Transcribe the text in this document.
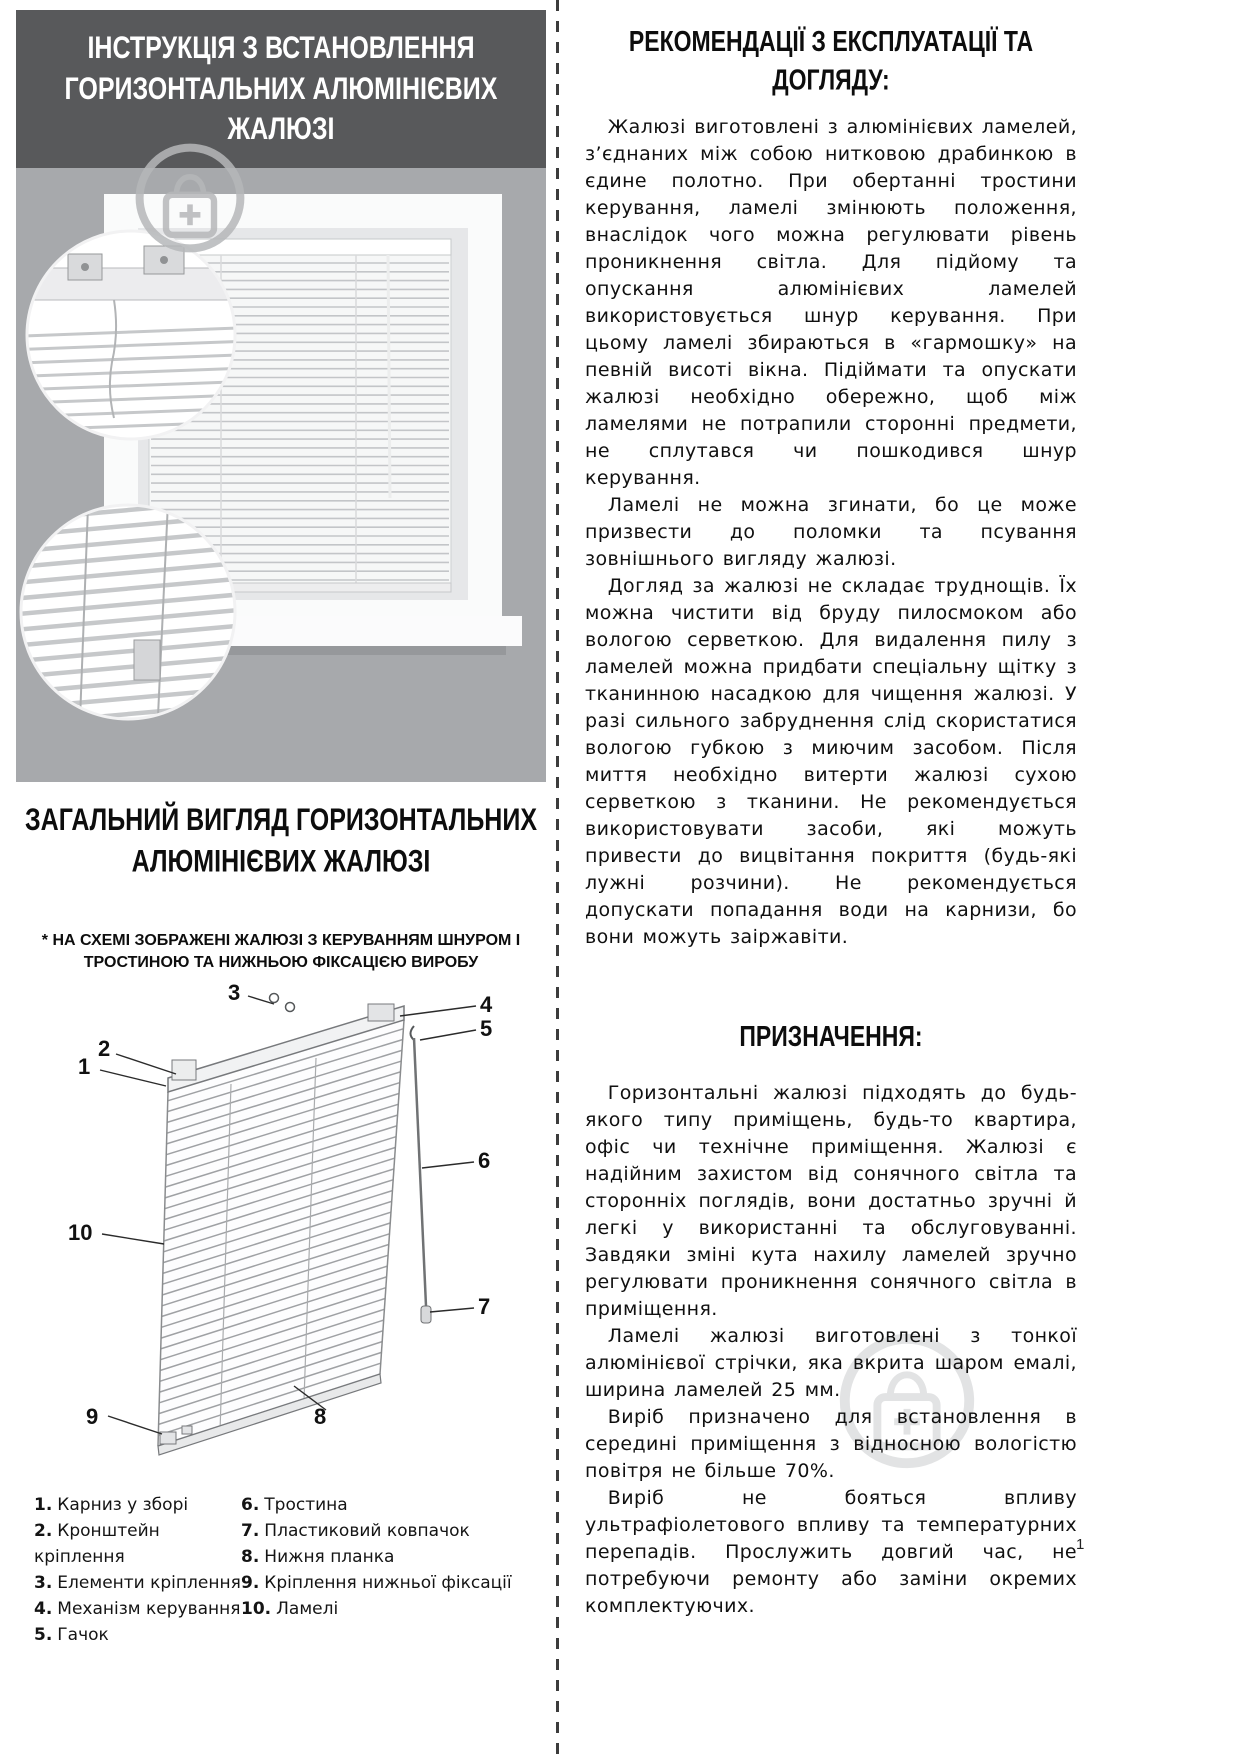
ІНСТРУКЦІЯ З ВСТАНОВЛЕННЯ ГОРИЗОНТАЛЬНИХ АЛЮМІНІЄВИХ ЖАЛЮЗІ
ЗАГАЛЬНИЙ ВИГЛЯД ГОРИЗОНТАЛЬНИХ АЛЮМІНІЄВИХ ЖАЛЮЗІ
* НА СХЕМІ ЗОБРАЖЕНІ ЖАЛЮЗІ З КЕРУВАННЯМ ШНУРОМ І ТРОСТИНОЮ ТА НИЖНЬОЮ ФІКСАЦІЄЮ ВИРОБУ
1
2
3	4
5
6
7
8
9
10
1. Карниз у зборі
2. Кронштейн кріплення
3. Елементи кріплення
4. Механізм керування
5. Гачок
6. Тростина
7. Пластиковий ковпачок
8. Нижня планка
9. Кріплення нижньої фіксації
10. Ламелі
РЕКОМЕНДАЦІЇ З ЕКСПЛУАТАЦІЇ ТА ДОГЛЯДУ:

Жалюзі виготовлені з алюмінієвих ламелей, з’єднаних між собою нитковою драбинкою в єдине полотно. При обертанні тростини керування, ламелі змінюють положення, внаслідок чого можна регулювати рівень проникнення світла. Для підйому та опускання алюмінієвих ламелей використовується шнур керування. При цьому ламелі збираються в «гармошку» на певній висоті вікна. Підіймати та опускати жалюзі необхідно обережно, щоб між ламелями не потрапили сторонні предмети, не сплутався чи пошкодився шнур керування.

Ламелі не можна згинати, бо це може призвести до поломки та псування зовнішнього вигляду жалюзі.

Догляд за жалюзі не складає труднощів. Їх можна чистити від бруду пилосмоком або вологою серветкою. Для видалення пилу з ламелей можна придбати спеціальну щітку з тканинною насадкою для чищення жалюзі. У разі сильного забруднення слід скористатися вологою губкою з миючим засобом. Після миття необхідно витерти жалюзі сухою серветкою з тканини. Не рекомендується використовувати засоби, які можуть привести до вицвітання покриття (будь-які лужні розчини). Не рекомендується допускати попадання води на карнизи, бо вони можуть заіржавіти.

ПРИЗНАЧЕННЯ:

Горизонтальні жалюзі підходять до будь-якого типу приміщень, будь-то квартира, офіс чи технічне приміщення. Жалюзі є надійним захистом від сонячного світла та сторонніх поглядів, вони достатньо зручні й легкі у використанні та обслуговуванні. Завдяки зміні кута нахилу ламелей зручно регулювати проникнення сонячного світла в приміщення.

Ламелі жалюзі виготовлені з тонкої алюмінієвої стрічки, яка вкрита шаром емалі, ширина ламелей 25 мм.

Виріб призначено для встановлення в середині приміщення з відносною вологістю повітря не більше 70%.

Виріб не бояться впливу ультрафіолетового впливу та температурних перепадів. Прослужить довгий час, не потребуючи ремонту або заміни окремих комплектуючих.

1
